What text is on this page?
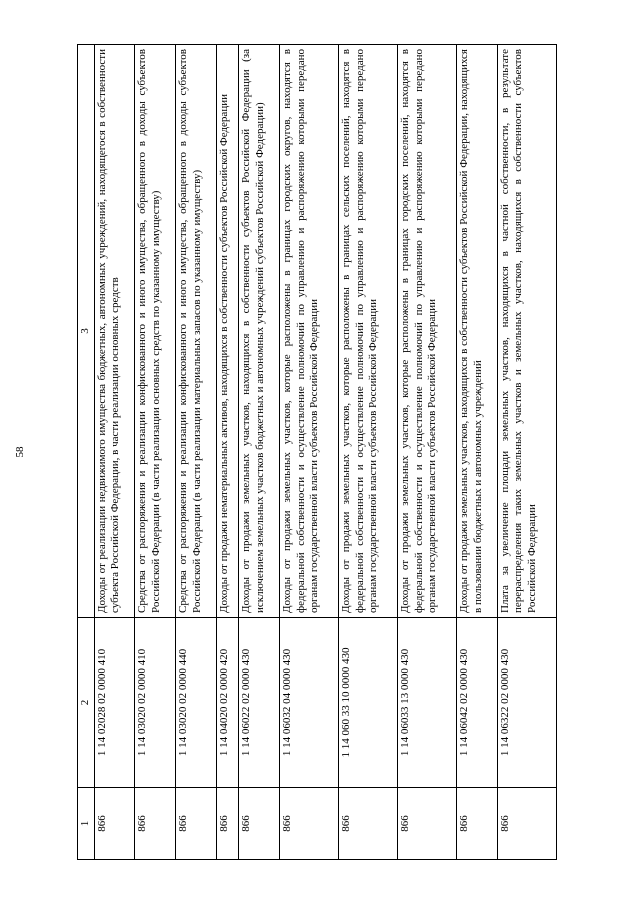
58
1	2	3
866	1 14 02028 02 0000 410	Доходы от реализации недвижимого имущества бюджетных, автономных учреждений, находящегося в собственности субъекта Российской Федерации, в части реализации основных средств
866	1 14 03020 02 0000 410	Средства от распоряжения и реализации конфискованного и иного имущества, обращенного в доходы субъектов Российской Федерации (в части реализации основных средств по указанному имуществу)
866	1 14 03020 02 0000 440	Средства от распоряжения и реализации конфискованного и иного имущества, обращенного в доходы субъектов Российской Федерации (в части реализации материальных запасов по указанному имуществу)
866	1 14 04020 02 0000 420	Доходы от продажи нематериальных активов, находящихся в собственности субъектов Российской Федерации
866	1 14 06022 02 0000 430	Доходы от продажи земельных участков, находящихся в собственности субъектов Российской Федерации (за исключением земельных участков бюджетных и автономных учреждений субъектов Российской Федерации)
866	1 14 06032 04 0000 430	Доходы от продажи земельных участков, которые расположены в границах городских округов, находятся в федеральной собственности и осуществление полномочий по управлению и распоряжению которыми передано органам государственной власти субъектов Российской Федерации
866	1 14 060 33 10 0000 430	Доходы от продажи земельных участков, которые расположены в границах сельских поселений, находятся в федеральной собственности и осуществление полномочий по управлению и распоряжению которыми передано органам государственной власти субъектов Российской Федерации
866	1 14 06033 13 0000 430	Доходы от продажи земельных участков, которые расположены в границах городских поселений, находятся в федеральной собственности и осуществление полномочий по управлению и распоряжению которыми передано органам государственной власти субъектов Российской Федерации
866	1 14 06042 02 0000 430	Доходы от продажи земельных участков, находящихся в собственности субъектов Российской Федерации, находящихся в пользовании бюджетных и автономных учреждений
866	1 14 06322 02 0000 430	Плата за увеличение площади земельных участков, находящихся в частной собственности, в результате перераспределения таких земельных участков и земельных участков, находящихся в собственности субъектов Российской Федерации
